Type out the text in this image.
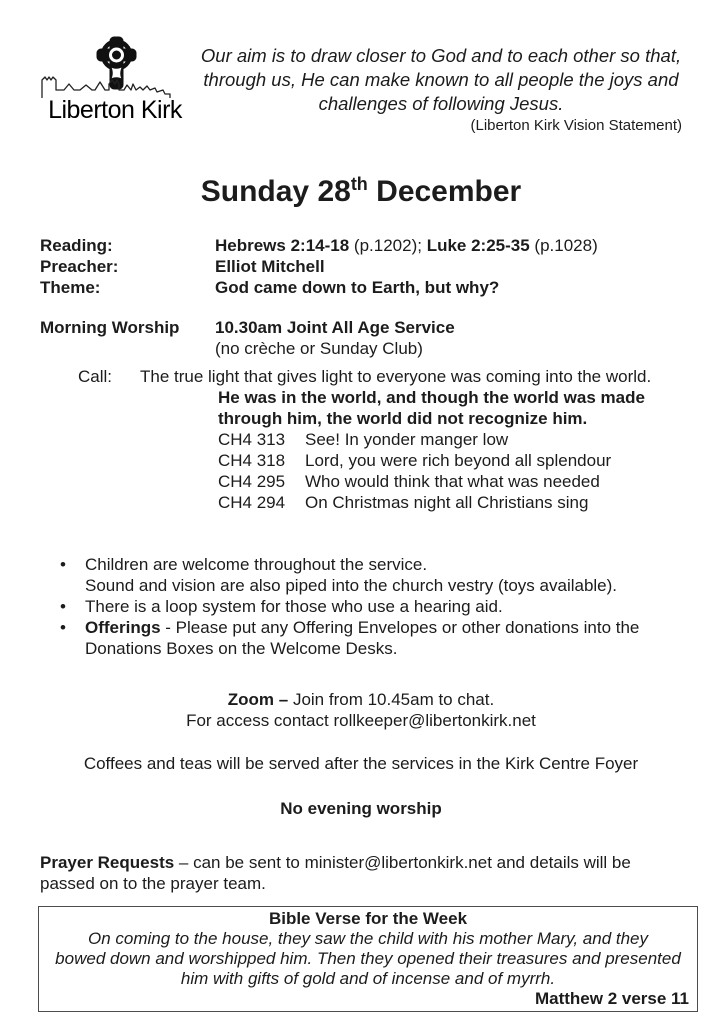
Liberton Kirk
Our aim is to draw closer to God and to each other so that, through us, He can make known to all people the joys and challenges of following Jesus.
(Liberton Kirk Vision Statement)
Sunday 28th December
Reading:	Hebrews 2:14-18 (p.1202); Luke 2:25-35 (p.1028)
Preacher:	Elliot Mitchell
Theme:	God came down to Earth, but why?
Morning Worship	10.30am Joint All Age Service
(no crèche or Sunday Club)
Call:	The true light that gives light to everyone was coming into the world.
He was in the world, and though the world was made
through him, the world did not recognize him.
CH4 313	See! In yonder manger low
CH4 318	Lord, you were rich beyond all splendour
CH4 295	Who would think that what was needed
CH4 294	On Christmas night all Christians sing
•
Children are welcome throughout the service.
Sound and vision are also piped into the church vestry (toys available).
•
There is a loop system for those who use a hearing aid.
•
Offerings - Please put any Offering Envelopes or other donations into the Donations Boxes on the Welcome Desks.
Zoom – Join from 10.45am to chat.
For access contact rollkeeper@libertonkirk.net
Coffees and teas will be served after the services in the Kirk Centre Foyer
No evening worship
Prayer Requests – can be sent to minister@libertonkirk.net and details will be passed on to the prayer team.
Bible Verse for the Week
On coming to the house, they saw the child with his mother Mary, and they
bowed down and worshipped him. Then they opened their treasures and presented
him with gifts of gold and of incense and of myrrh.
Matthew 2 verse 11
